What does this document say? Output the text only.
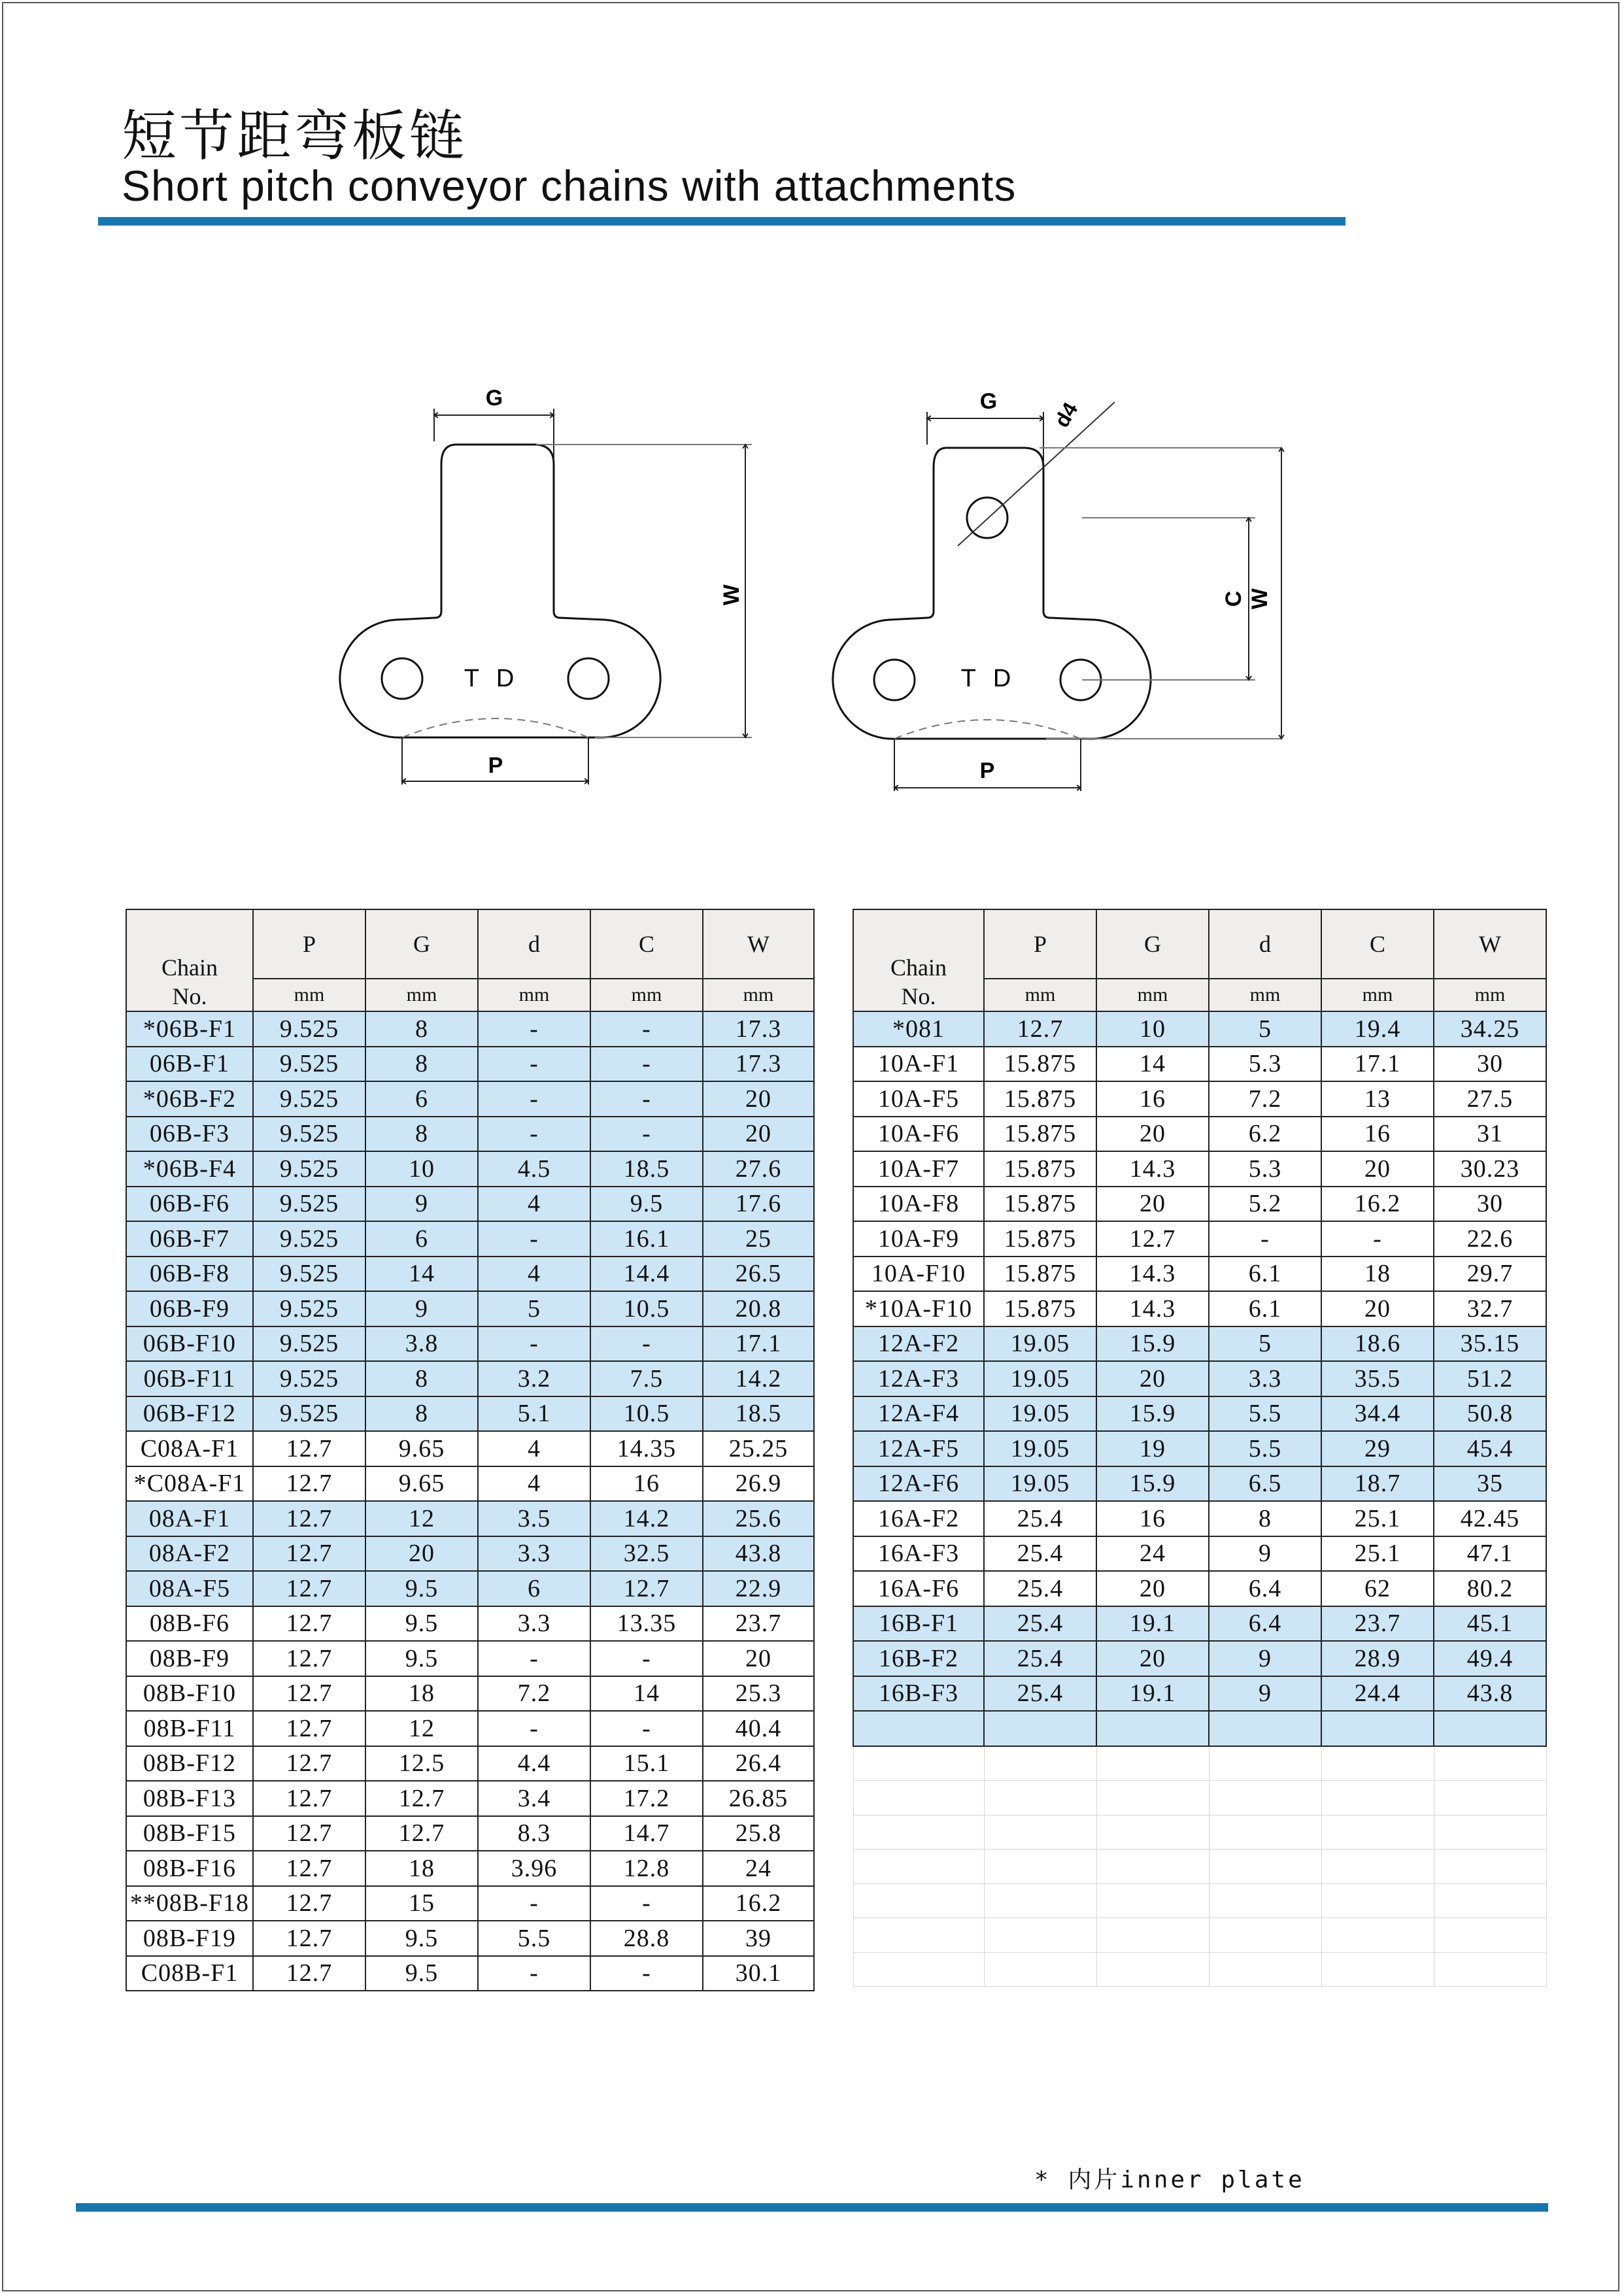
短节距弯板链
Short pitch conveyor chains with attachments
T D
G
W
P
T D
G	d4
C W
P
Chain
No.	P	G	d	C	W
	mm	mm	mm	mm	mm
*06B-F1	9.525	8	-	-	17.3
06B-F1	9.525	8	-	-	17.3
*06B-F2	9.525	6	-	-	20
06B-F3	9.525	8	-	-	20
*06B-F4	9.525	10	4.5	18.5	27.6
06B-F6	9.525	9	4	9.5	17.6
06B-F7	9.525	6	-	16.1	25
06B-F8	9.525	14	4	14.4	26.5
06B-F9	9.525	9	5	10.5	20.8
06B-F10	9.525	3.8	-	-	17.1
06B-F11	9.525	8	3.2	7.5	14.2
06B-F12	9.525	8	5.1	10.5	18.5
C08A-F1	12.7	9.65	4	14.35	25.25
*C08A-F1	12.7	9.65	4	16	26.9
08A-F1	12.7	12	3.5	14.2	25.6
08A-F2	12.7	20	3.3	32.5	43.8
08A-F5	12.7	9.5	6	12.7	22.9
08B-F6	12.7	9.5	3.3	13.35	23.7
08B-F9	12.7	9.5	-	-	20
08B-F10	12.7	18	7.2	14	25.3
08B-F11	12.7	12	-	-	40.4
08B-F12	12.7	12.5	4.4	15.1	26.4
08B-F13	12.7	12.7	3.4	17.2	26.85
08B-F15	12.7	12.7	8.3	14.7	25.8
08B-F16	12.7	18	3.96	12.8	24
**08B-F18	12.7	15	-	-	16.2
08B-F19	12.7	9.5	5.5	28.8	39
C08B-F1	12.7	9.5	-	-	30.1
Chain
No.	P	G	d	C	W
	mm	mm	mm	mm	mm
*081	12.7	10	5	19.4	34.25
10A-F1	15.875	14	5.3	17.1	30
10A-F5	15.875	16	7.2	13	27.5
10A-F6	15.875	20	6.2	16	31
10A-F7	15.875	14.3	5.3	20	30.23
10A-F8	15.875	20	5.2	16.2	30
10A-F9	15.875	12.7	-	-	22.6
10A-F10	15.875	14.3	6.1	18	29.7
*10A-F10	15.875	14.3	6.1	20	32.7
12A-F2	19.05	15.9	5	18.6	35.15
12A-F3	19.05	20	3.3	35.5	51.2
12A-F4	19.05	15.9	5.5	34.4	50.8
12A-F5	19.05	19	5.5	29	45.4
12A-F6	19.05	15.9	6.5	18.7	35
16A-F2	25.4	16	8	25.1	42.45
16A-F3	25.4	24	9	25.1	47.1
16A-F6	25.4	20	6.4	62	80.2
16B-F1	25.4	19.1	6.4	23.7	45.1
16B-F2	25.4	20	9	28.9	49.4
16B-F3	25.4	19.1	9	24.4	43.8

* 内片inner plate
